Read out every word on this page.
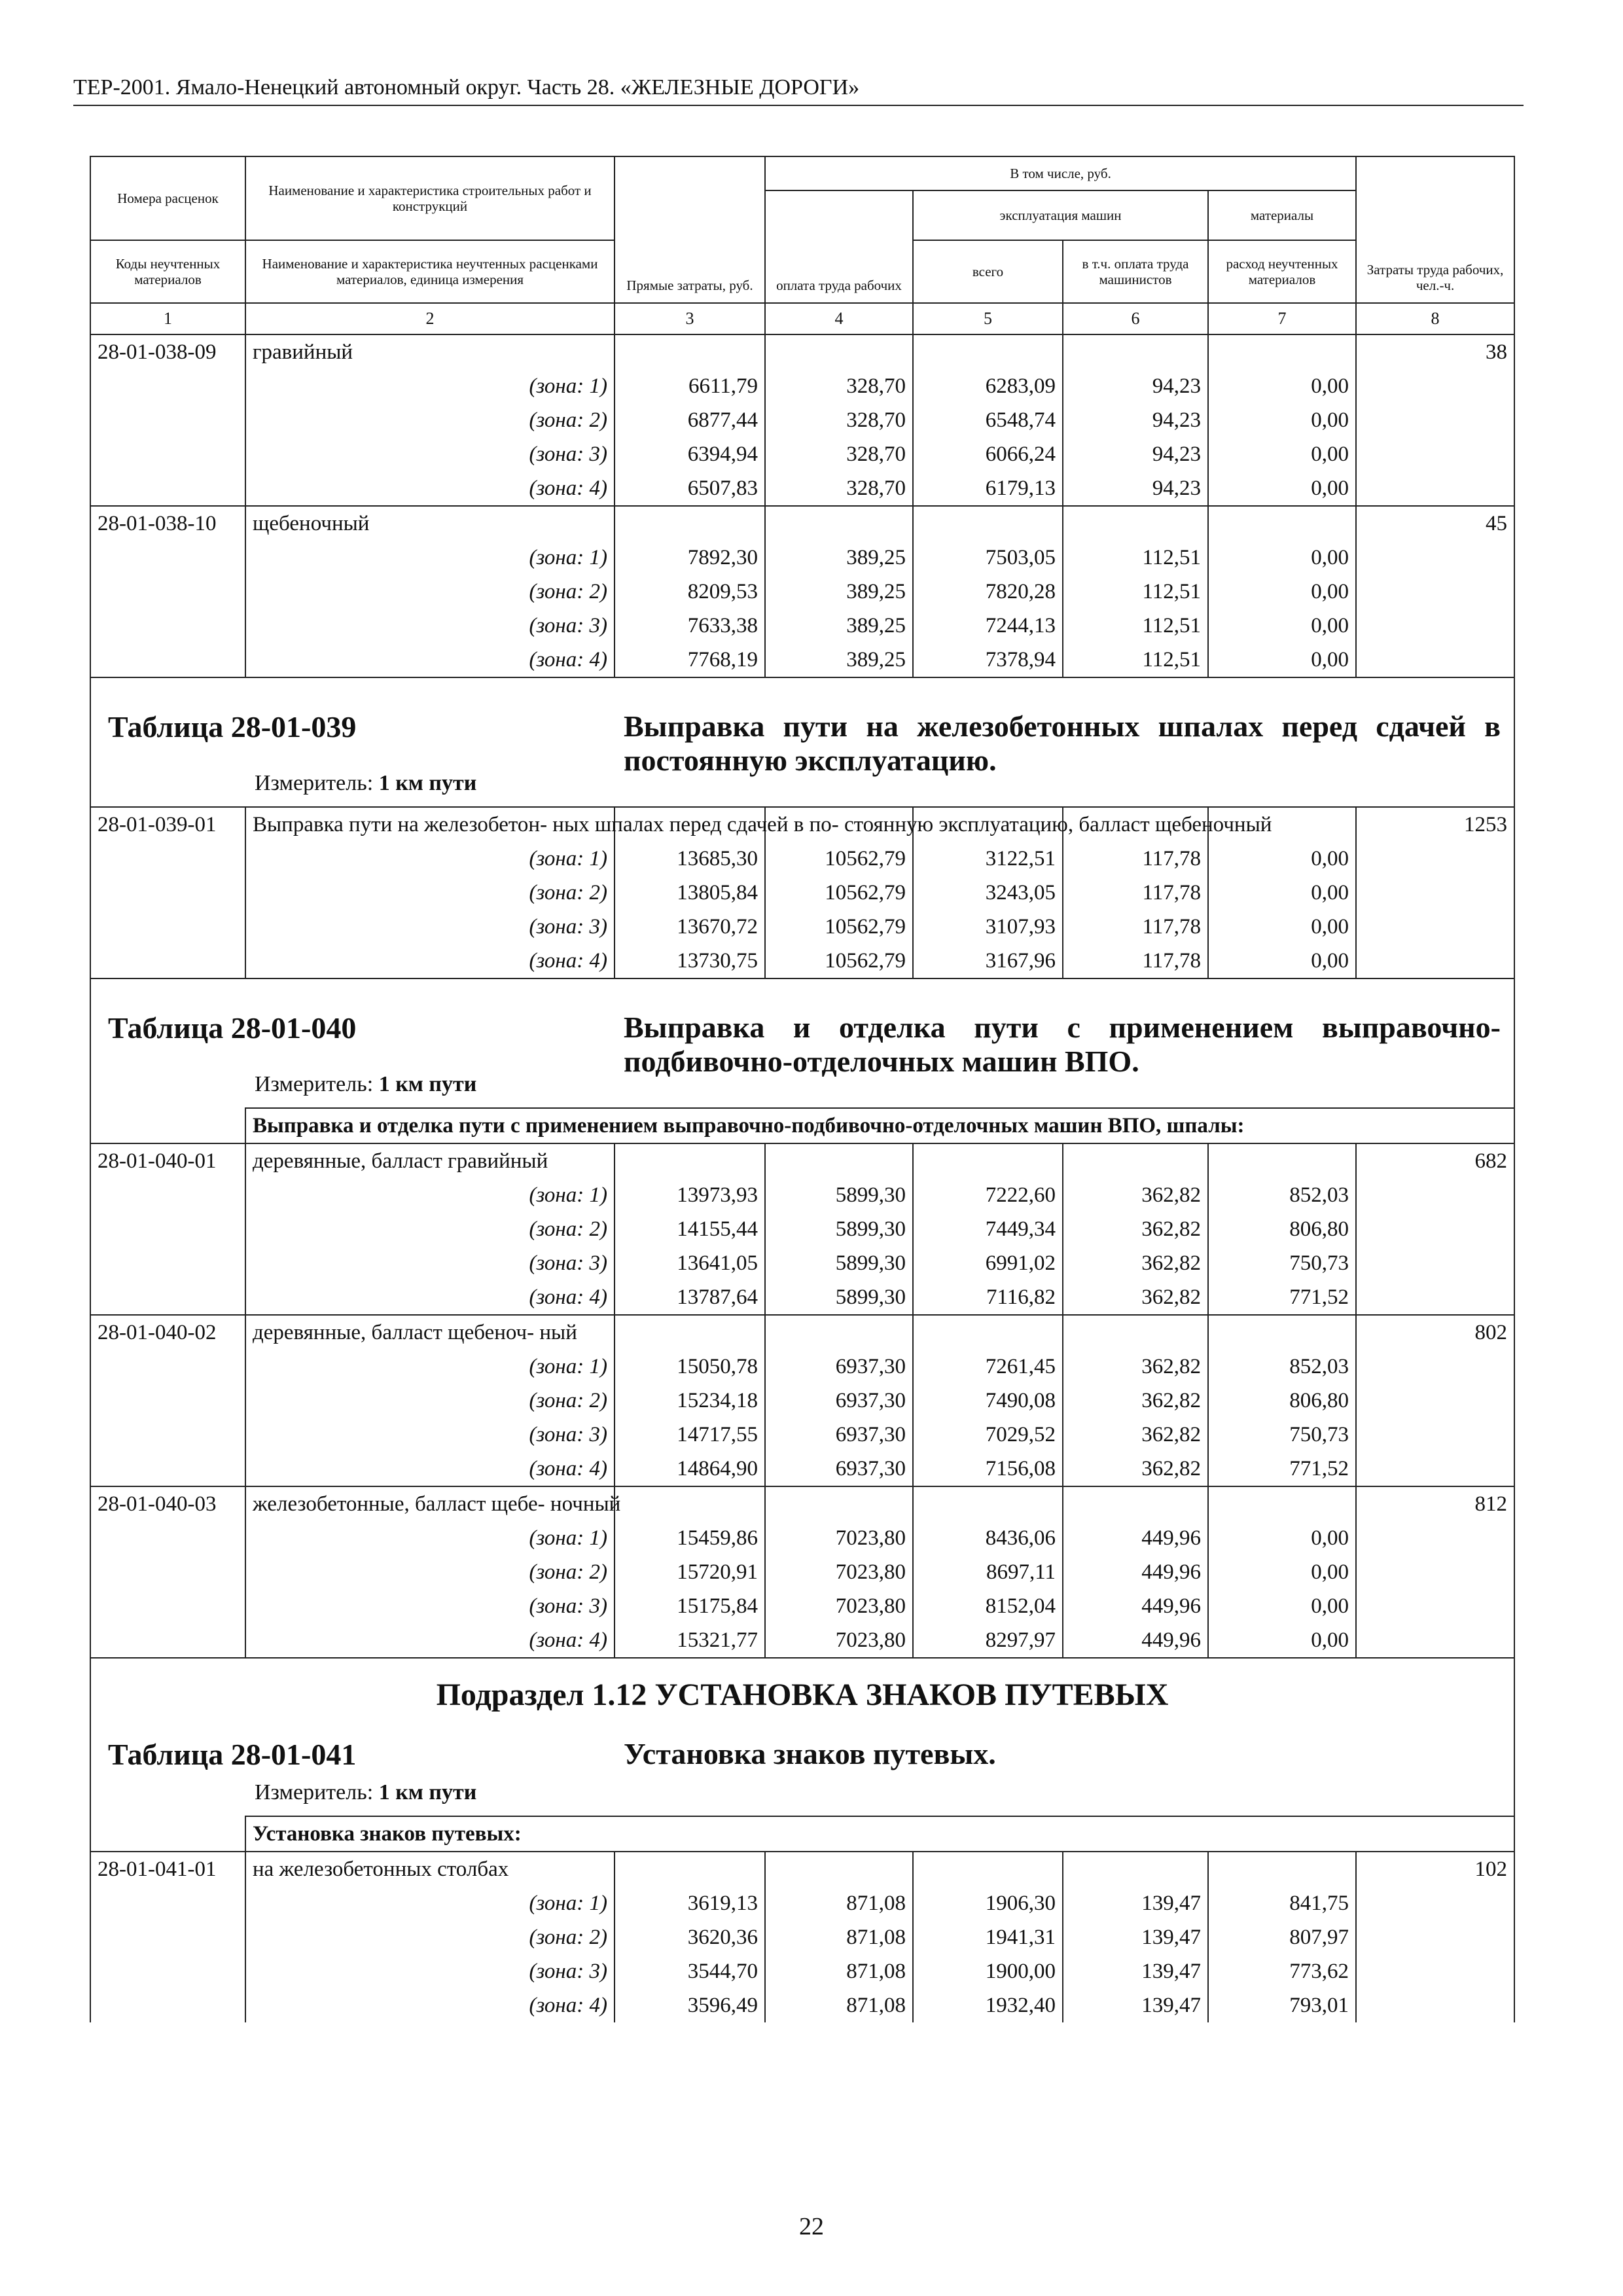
ТЕР-2001. Ямало-Ненецкий автономный округ. Часть 28. «ЖЕЛЕЗНЫЕ ДОРОГИ»
Номера расценок	Наименование и характеристика строительных работ и конструкций	Прямые затраты, руб.	В том числе, руб.				Затраты труда рабочих, чел.-ч.
			оплата труда рабочих	эксплуатация машин		материалы	
Коды неучтенных материалов	Наименование и характеристика неучтенных расценками материалов, единица измерения			всего	в т.ч. оплата труда машинистов	расход неучтенных материалов	
1	2	3	4	5	6	7	8
28-01-038-09	гравийный						38
	(зона: 1)	6611,79	328,70	6283,09	94,23	0,00	
	(зона: 2)	6877,44	328,70	6548,74	94,23	0,00	
	(зона: 3)	6394,94	328,70	6066,24	94,23	0,00	
	(зона: 4)	6507,83	328,70	6179,13	94,23	0,00	
28-01-038-10	щебеночный						45
	(зона: 1)	7892,30	389,25	7503,05	112,51	0,00	
	(зона: 2)	8209,53	389,25	7820,28	112,51	0,00	
	(зона: 3)	7633,38	389,25	7244,13	112,51	0,00	
	(зона: 4)	7768,19	389,25	7378,94	112,51	0,00	

Таблица 28-01-039 Выправка пути на железобетонных шпалах перед сдачей в постоянную эксплуатацию.
Измеритель: 1 км пути							

28-01-039-01	Выправка пути на железобетон- ных шпалах перед сдачей в по- стоянную эксплуатацию, балласт щебеночный						1253
	(зона: 1)	13685,30	10562,79	3122,51	117,78	0,00	
	(зона: 2)	13805,84	10562,79	3243,05	117,78	0,00	
	(зона: 3)	13670,72	10562,79	3107,93	117,78	0,00	
	(зона: 4)	13730,75	10562,79	3167,96	117,78	0,00	

Таблица 28-01-040 Выправка и отделка пути с применением выправочно-подбивочно-отделочных машин ВПО.
Измеритель: 1 км пути							

	Выправка и отделка пути с применением выправочно-подбивочно-отделочных машин ВПО, шпалы:						
28-01-040-01	деревянные, балласт гравийный						682
	(зона: 1)	13973,93	5899,30	7222,60	362,82	852,03	
	(зона: 2)	14155,44	5899,30	7449,34	362,82	806,80	
	(зона: 3)	13641,05	5899,30	6991,02	362,82	750,73	
	(зона: 4)	13787,64	5899,30	7116,82	362,82	771,52	
28-01-040-02	деревянные, балласт щебеноч- ный						802
	(зона: 1)	15050,78	6937,30	7261,45	362,82	852,03	
	(зона: 2)	15234,18	6937,30	7490,08	362,82	806,80	
	(зона: 3)	14717,55	6937,30	7029,52	362,82	750,73	
	(зона: 4)	14864,90	6937,30	7156,08	362,82	771,52	
28-01-040-03	железобетонные, балласт щебе- ночный						812
	(зона: 1)	15459,86	7023,80	8436,06	449,96	0,00	
	(зона: 2)	15720,91	7023,80	8697,11	449,96	0,00	
	(зона: 3)	15175,84	7023,80	8152,04	449,96	0,00	
	(зона: 4)	15321,77	7023,80	8297,97	449,96	0,00	

Подраздел 1.12 УСТАНОВКА ЗНАКОВ ПУТЕВЫХ
Таблица 28-01-041 Установка знаков путевых.
Измеритель: 1 км пути							

	Установка знаков путевых:						
28-01-041-01	на железобетонных столбах						102
	(зона: 1)	3619,13	871,08	1906,30	139,47	841,75	
	(зона: 2)	3620,36	871,08	1941,31	139,47	807,97	
	(зона: 3)	3544,70	871,08	1900,00	139,47	773,62	
	(зона: 4)	3596,49	871,08	1932,40	139,47	793,01	
22
